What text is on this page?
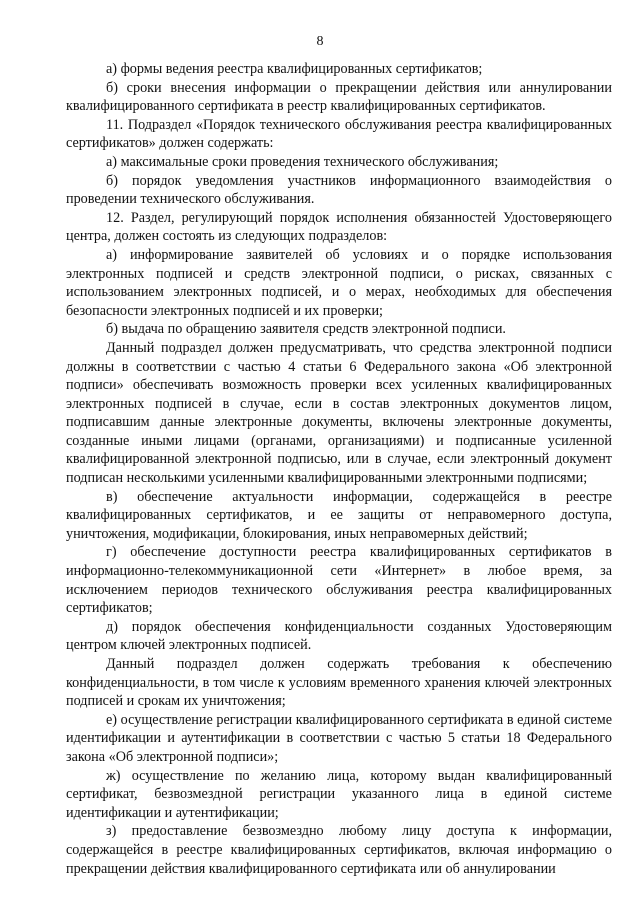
8

а) формы ведения реестра квалифицированных сертификатов;

б) сроки внесения информации о прекращении действия или аннулировании квалифицированного сертификата в реестр квалифицированных сертификатов.

11. Подраздел «Порядок технического обслуживания реестра квалифицированных сертификатов» должен содержать:

а) максимальные сроки проведения технического обслуживания;

б) порядок уведомления участников информационного взаимодействия о проведении технического обслуживания.

12. Раздел, регулирующий порядок исполнения обязанностей Удостоверяющего центра, должен состоять из следующих подразделов:

а) информирование заявителей об условиях и о порядке использования электронных подписей и средств электронной подписи, о рисках, связанных с использованием электронных подписей, и о мерах, необходимых для обеспечения безопасности электронных подписей и их проверки;

б) выдача по обращению заявителя средств электронной подписи.

Данный подраздел должен предусматривать, что средства электронной подписи должны в соответствии с частью 4 статьи 6 Федерального закона «Об электронной подписи» обеспечивать возможность проверки всех усиленных квалифицированных электронных подписей в случае, если в состав электронных документов лицом, подписавшим данные электронные документы, включены электронные документы, созданные иными лицами (органами, организациями) и подписанные усиленной квалифицированной электронной подписью, или в случае, если электронный документ подписан несколькими усиленными квалифицированными электронными подписями;

в) обеспечение актуальности информации, содержащейся в реестре квалифицированных сертификатов, и ее защиты от неправомерного доступа, уничтожения, модификации, блокирования, иных неправомерных действий;

г) обеспечение доступности реестра квалифицированных сертификатов в информационно-телекоммуникационной сети «Интернет» в любое время, за исключением периодов технического обслуживания реестра квалифицированных сертификатов;

д) порядок обеспечения конфиденциальности созданных Удостоверяющим центром ключей электронных подписей.

Данный подраздел должен содержать требования к обеспечению конфиденциальности, в том числе к условиям временного хранения ключей электронных подписей и срокам их уничтожения;

е) осуществление регистрации квалифицированного сертификата в единой системе идентификации и аутентификации в соответствии с частью 5 статьи 18 Федерального закона «Об электронной подписи»;

ж) осуществление по желанию лица, которому выдан квалифицированный сертификат, безвозмездной регистрации указанного лица в единой системе идентификации и аутентификации;

з) предоставление безвозмездно любому лицу доступа к информации, содержащейся в реестре квалифицированных сертификатов, включая информацию о прекращении действия квалифицированного сертификата или об аннулировании
